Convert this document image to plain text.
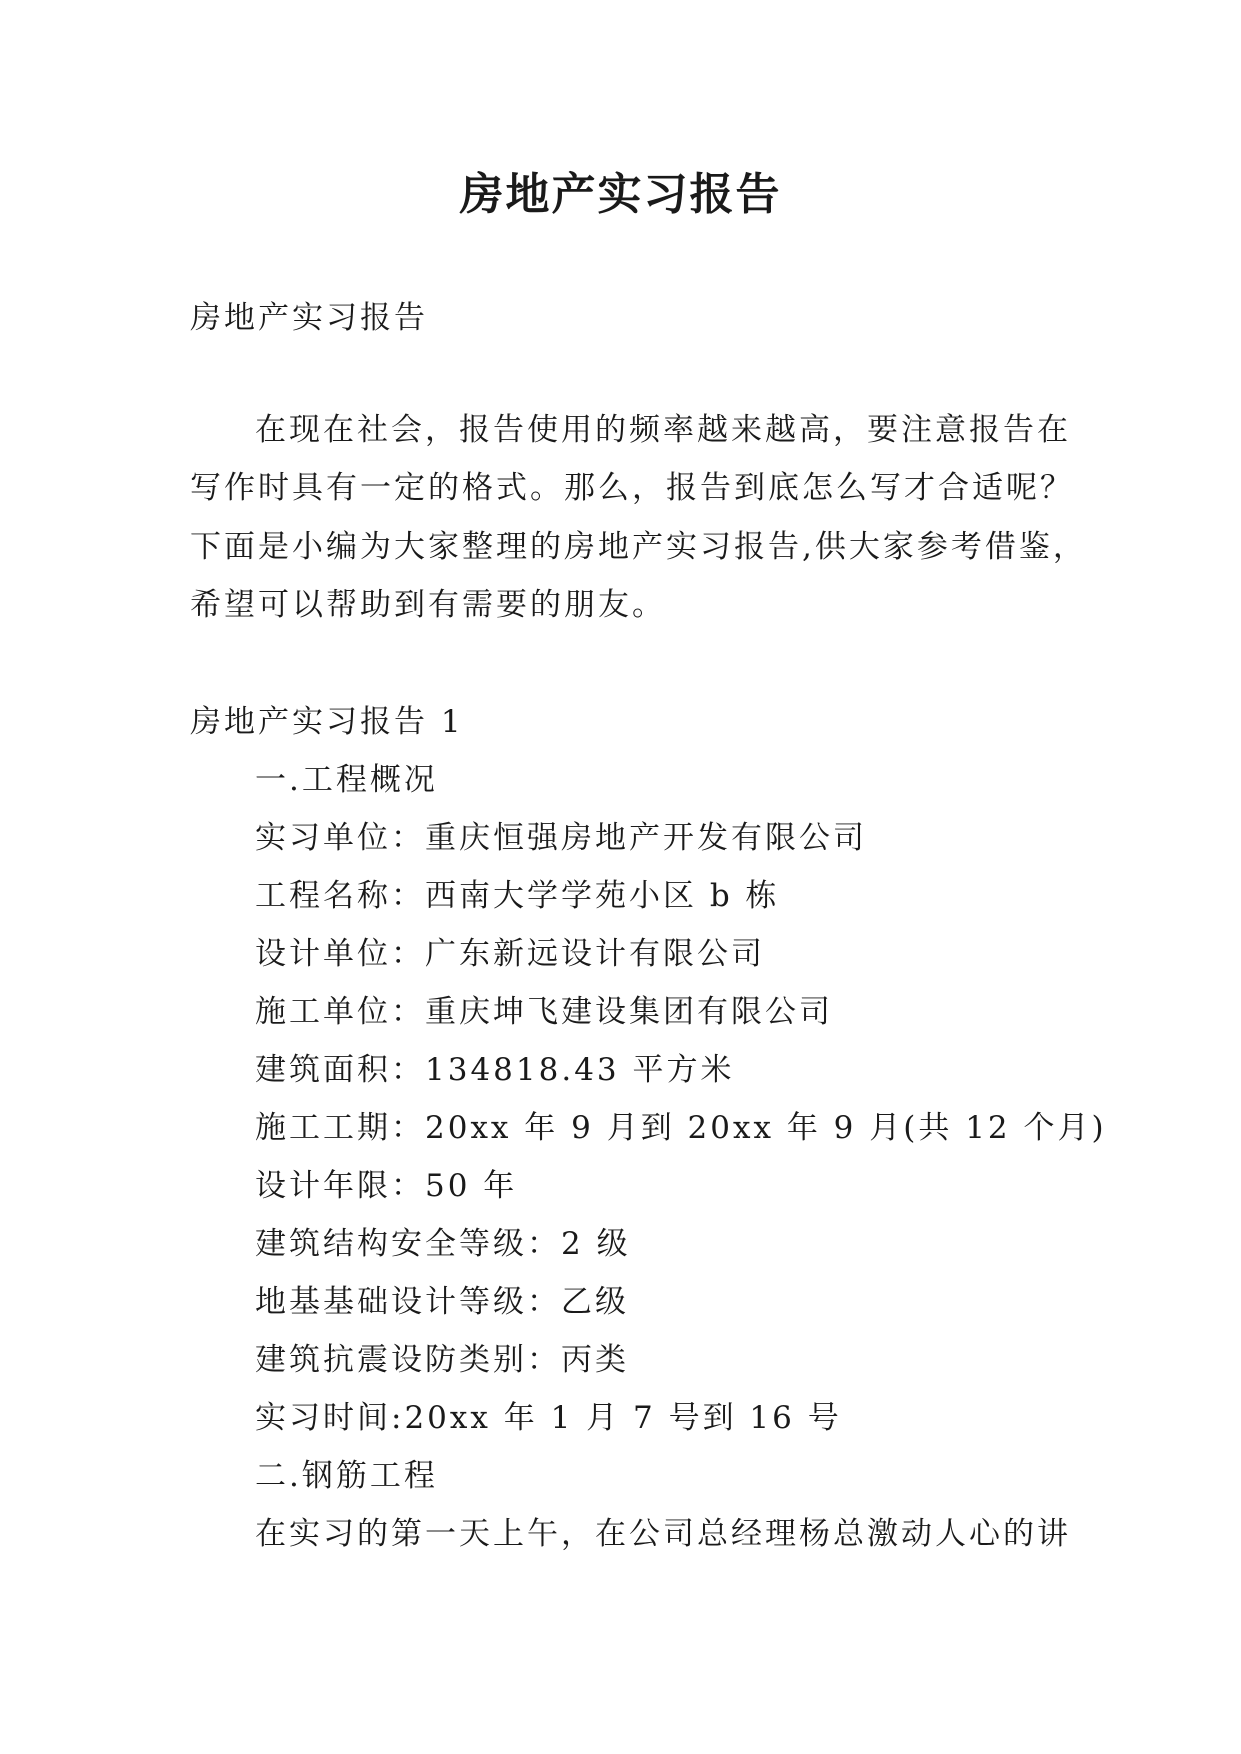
房地产实习报告
房地产实习报告
在现在社会，报告使用的频率越来越高，要注意报告在
写作时具有一定的格式。那么，报告到底怎么写才合适呢？
下面是小编为大家整理的房地产实习报告,供大家参考借鉴，
希望可以帮助到有需要的朋友。
房地产实习报告 1
一.工程概况
实习单位：重庆恒强房地产开发有限公司
工程名称：西南大学学苑小区 b 栋
设计单位：广东新远设计有限公司
施工单位：重庆坤飞建设集团有限公司
建筑面积：134818.43 平方米
施工工期：20xx 年 9 月到 20xx 年 9 月(共 12 个月)
设计年限：50 年
建筑结构安全等级：2 级
地基基础设计等级：乙级
建筑抗震设防类别：丙类
实习时间:20xx 年 1 月 7 号到 16 号
二.钢筋工程
在实习的第一天上午，在公司总经理杨总激动人心的讲
